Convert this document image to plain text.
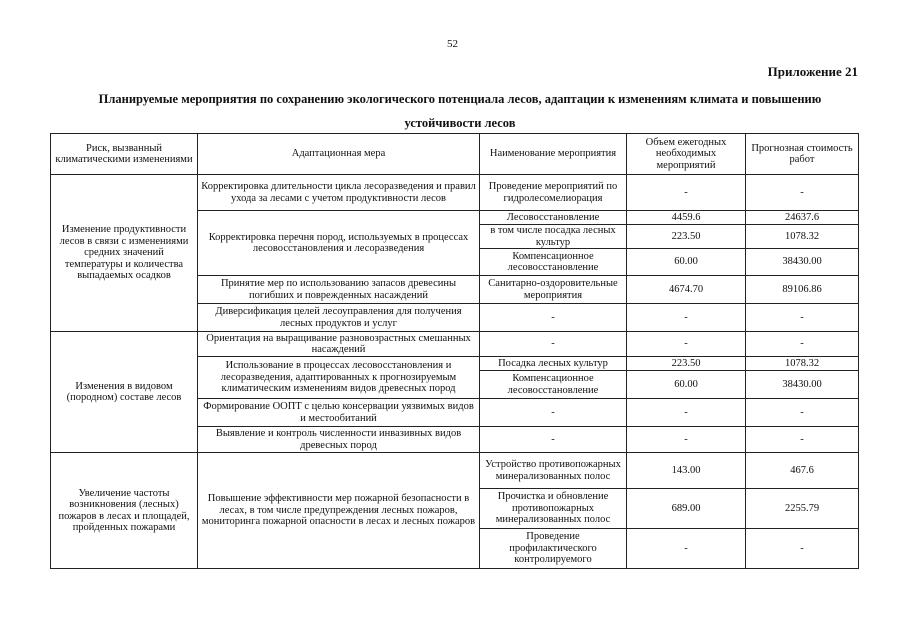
52
Приложение 21
Планируемые мероприятия по сохранению экологического потенциала лесов, адаптации к изменениям климата и повышению устойчивости лесов
Риск, вызванный климатическими изменениями	Адаптационная мера	Наименование мероприятия	Объем ежегодных необходимых мероприятий	Прогнозная стоимость работ
Изменение продуктивности лесов в связи с изменениями средних значений температуры и количества выпадаемых осадков	Корректировка длительности цикла лесоразведения и правил ухода за лесами с учетом продуктивности лесов	Проведение мероприятий по гидролесомелиорация	-	-
	Корректировка перечня пород, используемых в процессах лесовосстановления и лесоразведения	Лесовосстановление	4459.6	24637.6
		в том числе посадка лесных культур	223.50	1078.32
		Компенсационное лесовосстановление	60.00	38430.00
	Принятие мер по использованию запасов древесины погибших и поврежденных насаждений	Санитарно-оздоровительные мероприятия	4674.70	89106.86
	Диверсификация целей лесоуправления для получения лесных продуктов и услуг	-	-	-
Изменения в видовом (породном) составе лесов	Ориентация на выращивание разновозрастных смешанных насаждений	-	-	-
	Использование в процессах лесовосстановления и лесоразведения, адаптированных к прогнозируемым климатическим изменениям видов древесных пород	Посадка лесных культур	223.50	1078.32
		Компенсационное лесовосстановление	60.00	38430.00
	Формирование ООПТ с целью консервации уязвимых видов и местообитаний	-	-	-
	Выявление и контроль численности инвазивных видов древесных пород	-	-	-
Увеличение частоты возникновения (лесных) пожаров в лесах и площадей, пройденных пожарами	Повышение эффективности мер пожарной безопасности в лесах, в том числе предупреждения лесных пожаров, мониторинга пожарной опасности в лесах и лесных пожаров	Устройство противопожарных минерализованных полос	143.00	467.6
		Прочистка и обновление противопожарных минерализованных полос	689.00	2255.79
		Проведение профилактического контролируемого	-	-
